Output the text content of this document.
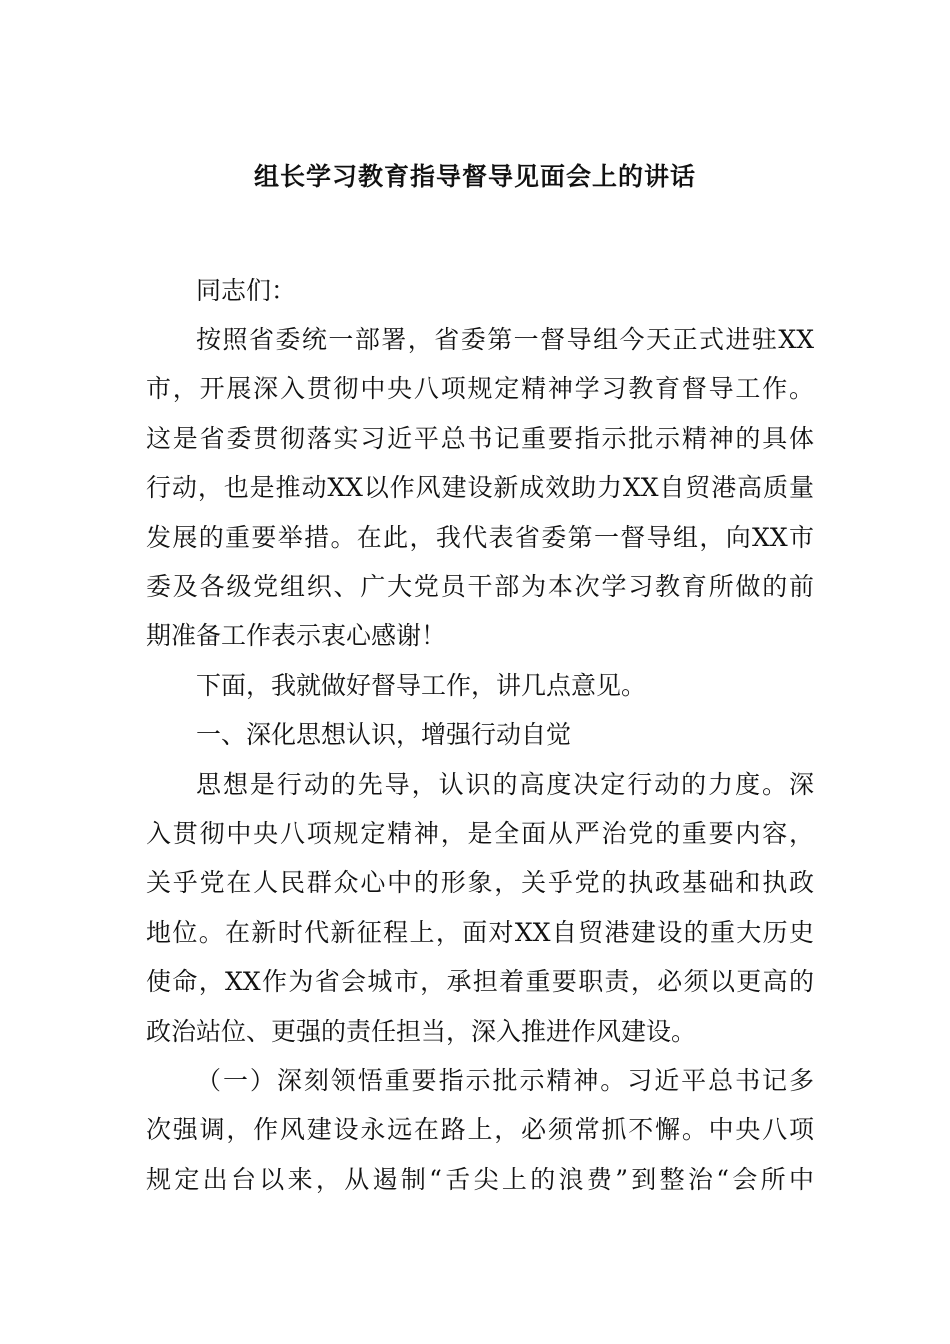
组长学习教育指导督导见面会上的讲话
同志们：
按照省委统一部署，省委第一督导组今天正式进驻XX
市，开展深入贯彻中央八项规定精神学习教育督导工作。
这是省委贯彻落实习近平总书记重要指示批示精神的具体
行动，也是推动XX以作风建设新成效助力XX自贸港高质量
发展的重要举措。在此，我代表省委第一督导组，向XX市
委及各级党组织、广大党员干部为本次学习教育所做的前
期准备工作表示衷心感谢！
下面，我就做好督导工作，讲几点意见。
一、深化思想认识，增强行动自觉
思想是行动的先导，认识的高度决定行动的力度。深
入贯彻中央八项规定精神，是全面从严治党的重要内容，
关乎党在人民群众心中的形象，关乎党的执政基础和执政
地位。在新时代新征程上，面对XX自贸港建设的重大历史
使命，XX作为省会城市，承担着重要职责，必须以更高的
政治站位、更强的责任担当，深入推进作风建设。
（一）深刻领悟重要指示批示精神。习近平总书记多
次强调，作风建设永远在路上，必须常抓不懈。中央八项
规定出台以来，从遏制“舌尖上的浪费”到整治“会所中
